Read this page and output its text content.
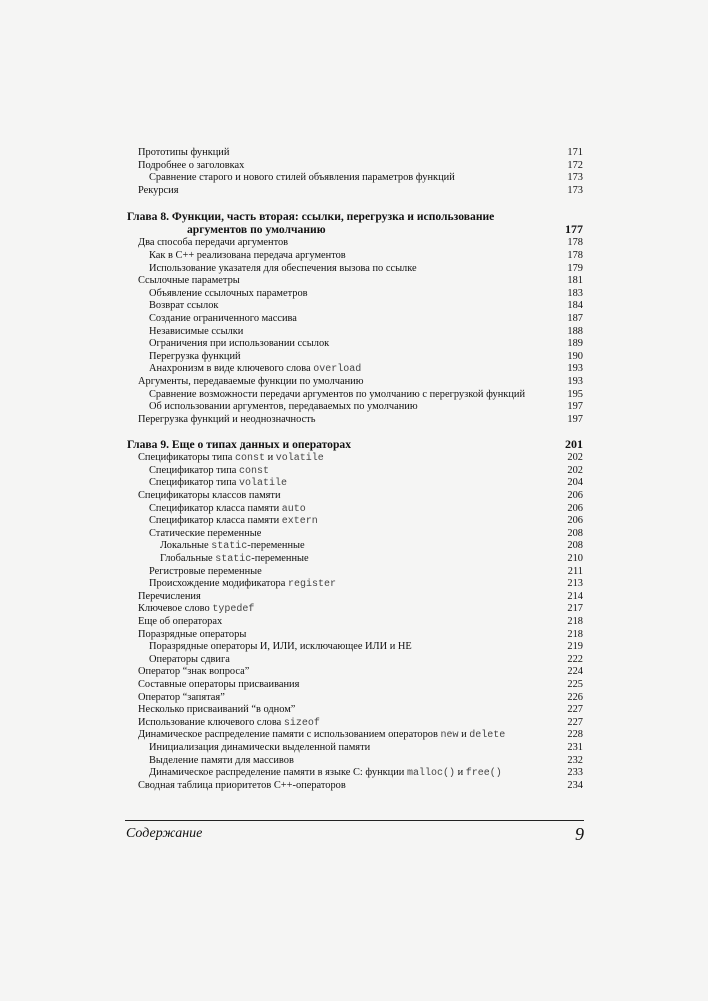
Прототипы функций	171
Подробнее о заголовках	172
Сравнение старого и нового стилей объявления параметров функций	173
Рекурсия	173
Глава 8. Функции, часть вторая: ссылки, перегрузка и использование
аргументов по умолчанию	177
Два способа передачи аргументов	178
Как в C++ реализована передача аргументов	178
Использование указателя для обеспечения вызова по ссылке	179
Ссылочные параметры	181
Объявление ссылочных параметров	183
Возврат ссылок	184
Создание ограниченного массива	187
Независимые ссылки	188
Ограничения при использовании ссылок	189
Перегрузка функций	190
Анахронизм в виде ключевого слова overload	193
Аргументы, передаваемые функции по умолчанию	193
Сравнение возможности передачи аргументов по умолчанию с перегрузкой функций	195
Об использовании аргументов, передаваемых по умолчанию	197
Перегрузка функций и неоднозначность	197
Глава 9. Еще о типах данных и операторах	201
Спецификаторы типа const и volatile	202
Спецификатор типа const	202
Спецификатор типа volatile	204
Спецификаторы классов памяти	206
Спецификатор класса памяти auto	206
Спецификатор класса памяти extern	206
Статические переменные	208
Локальные static-переменные	208
Глобальные static-переменные	210
Регистровые переменные	211
Происхождение модификатора register	213
Перечисления	214
Ключевое слово typedef	217
Еще об операторах	218
Поразрядные операторы	218
Поразрядные операторы И, ИЛИ, исключающее ИЛИ и НЕ	219
Операторы сдвига	222
Оператор “знак вопроса”	224
Составные операторы присваивания	225
Оператор “запятая”	226
Несколько присваиваний “в одном”	227
Использование ключевого слова sizeof	227
Динамическое распределение памяти с использованием операторов new и delete	228
Инициализация динамически выделенной памяти	231
Выделение памяти для массивов	232
Динамическое распределение памяти в языке C: функции malloc() и free()	233
Сводная таблица приоритетов C++-операторов	234
Содержание	9
